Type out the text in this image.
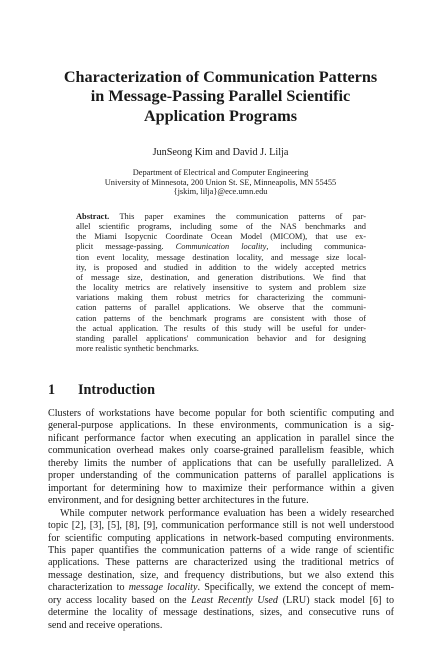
Characterization of Communication Patterns
in Message-Passing Parallel Scientific
Application Programs
JunSeong Kim and David J. Lilja
Department of Electrical and Computer Engineering
University of Minnesota, 200 Union St. SE, Minneapolis, MN 55455
{jskim, lilja}@ece.umn.edu
Abstract. This paper examines the communication patterns of par-
allel scientific programs, including some of the NAS benchmarks and
the Miami Isopycnic Coordinate Ocean Model (MICOM), that use ex-
plicit message-passing. Communication locality, including communica-
tion event locality, message destination locality, and message size local-
ity, is proposed and studied in addition to the widely accepted metrics
of message size, destination, and generation distributions. We find that
the locality metrics are relatively insensitive to system and problem size
variations making them robust metrics for characterizing the communi-
cation patterns of parallel applications. We observe that the communi-
cation patterns of the benchmark programs are consistent with those of
the actual application. The results of this study will be useful for under-
standing parallel applications' communication behavior and for designing
more realistic synthetic benchmarks.
1 Introduction
Clusters of workstations have become popular for both scientific computing and
general-purpose applications. In these environments, communication is a sig-
nificant performance factor when executing an application in parallel since the
communication overhead makes only coarse-grained parallelism feasible, which
thereby limits the number of applications that can be usefully parallelized. A
proper understanding of the communication patterns of parallel applications is
important for determining how to maximize their performance within a given
environment, and for designing better architectures in the future.
While computer network performance evaluation has been a widely researched
topic [2], [3], [5], [8], [9], communication performance still is not well understood
for scientific computing applications in network-based computing environments.
This paper quantifies the communication patterns of a wide range of scientific
applications. These patterns are characterized using the traditional metrics of
message destination, size, and frequency distributions, but we also extend this
characterization to message locality. Specifically, we extend the concept of mem-
ory access locality based on the Least Recently Used (LRU) stack model [6] to
determine the locality of message destinations, sizes, and consecutive runs of
send and receive operations.
